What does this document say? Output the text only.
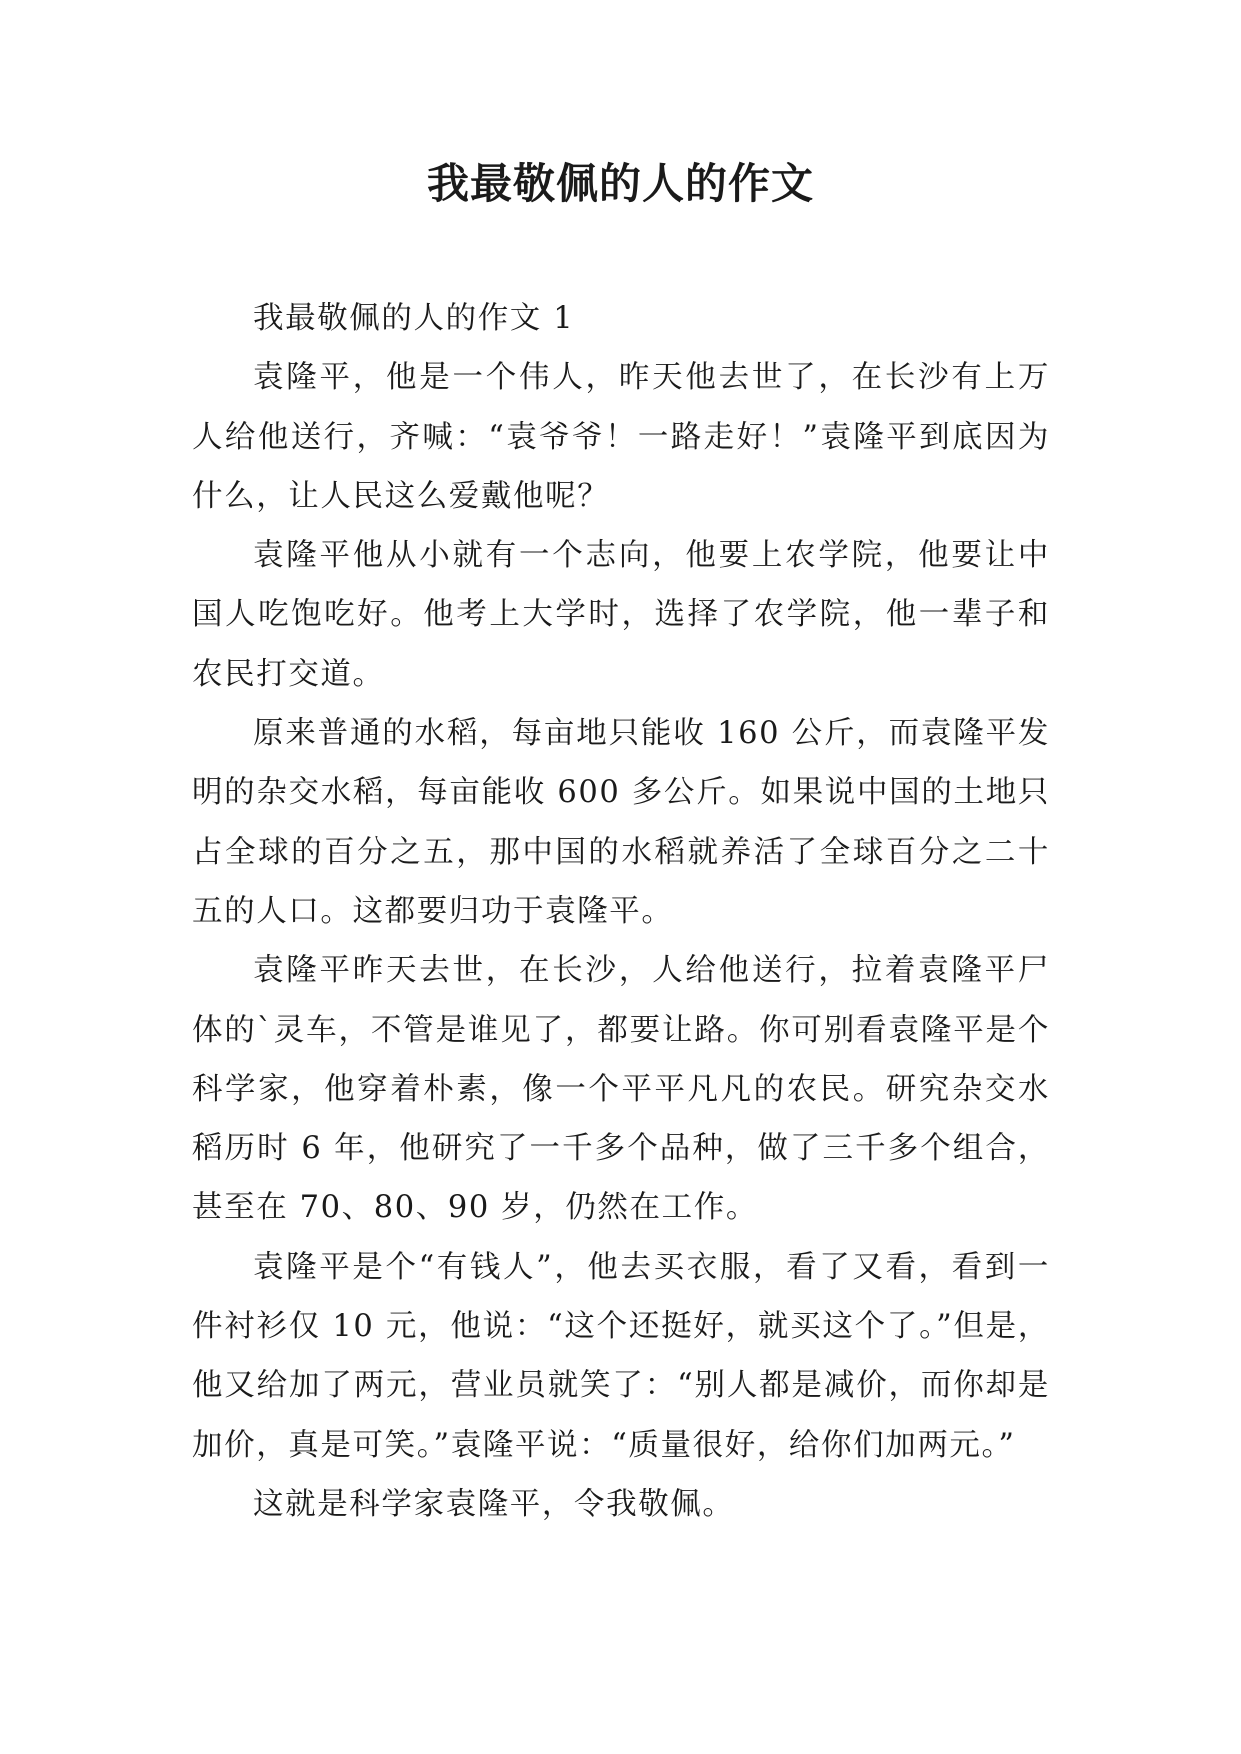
我最敬佩的人的作文

我最敬佩的人的作文 1

袁隆平，他是一个伟人，昨天他去世了，在长沙有上万人给他送行，齐喊：“袁爷爷！一路走好！”袁隆平到底因为什么，让人民这么爱戴他呢？

袁隆平他从小就有一个志向，他要上农学院，他要让中国人吃饱吃好。他考上大学时，选择了农学院，他一辈子和农民打交道。

原来普通的水稻，每亩地只能收 160 公斤，而袁隆平发明的杂交水稻，每亩能收 600 多公斤。如果说中国的土地只占全球的百分之五，那中国的水稻就养活了全球百分之二十五的人口。这都要归功于袁隆平。

袁隆平昨天去世，在长沙，人给他送行，拉着袁隆平尸体的`灵车，不管是谁见了，都要让路。你可别看袁隆平是个科学家，他穿着朴素，像一个平平凡凡的农民。研究杂交水稻历时 6 年，他研究了一千多个品种，做了三千多个组合，甚至在 70、80、90 岁，仍然在工作。

袁隆平是个“有钱人”，他去买衣服，看了又看，看到一件衬衫仅 10 元，他说：“这个还挺好，就买这个了。”但是，他又给加了两元，营业员就笑了：“别人都是减价，而你却是加价，真是可笑。”袁隆平说：“质量很好，给你们加两元。”

这就是科学家袁隆平，令我敬佩。
